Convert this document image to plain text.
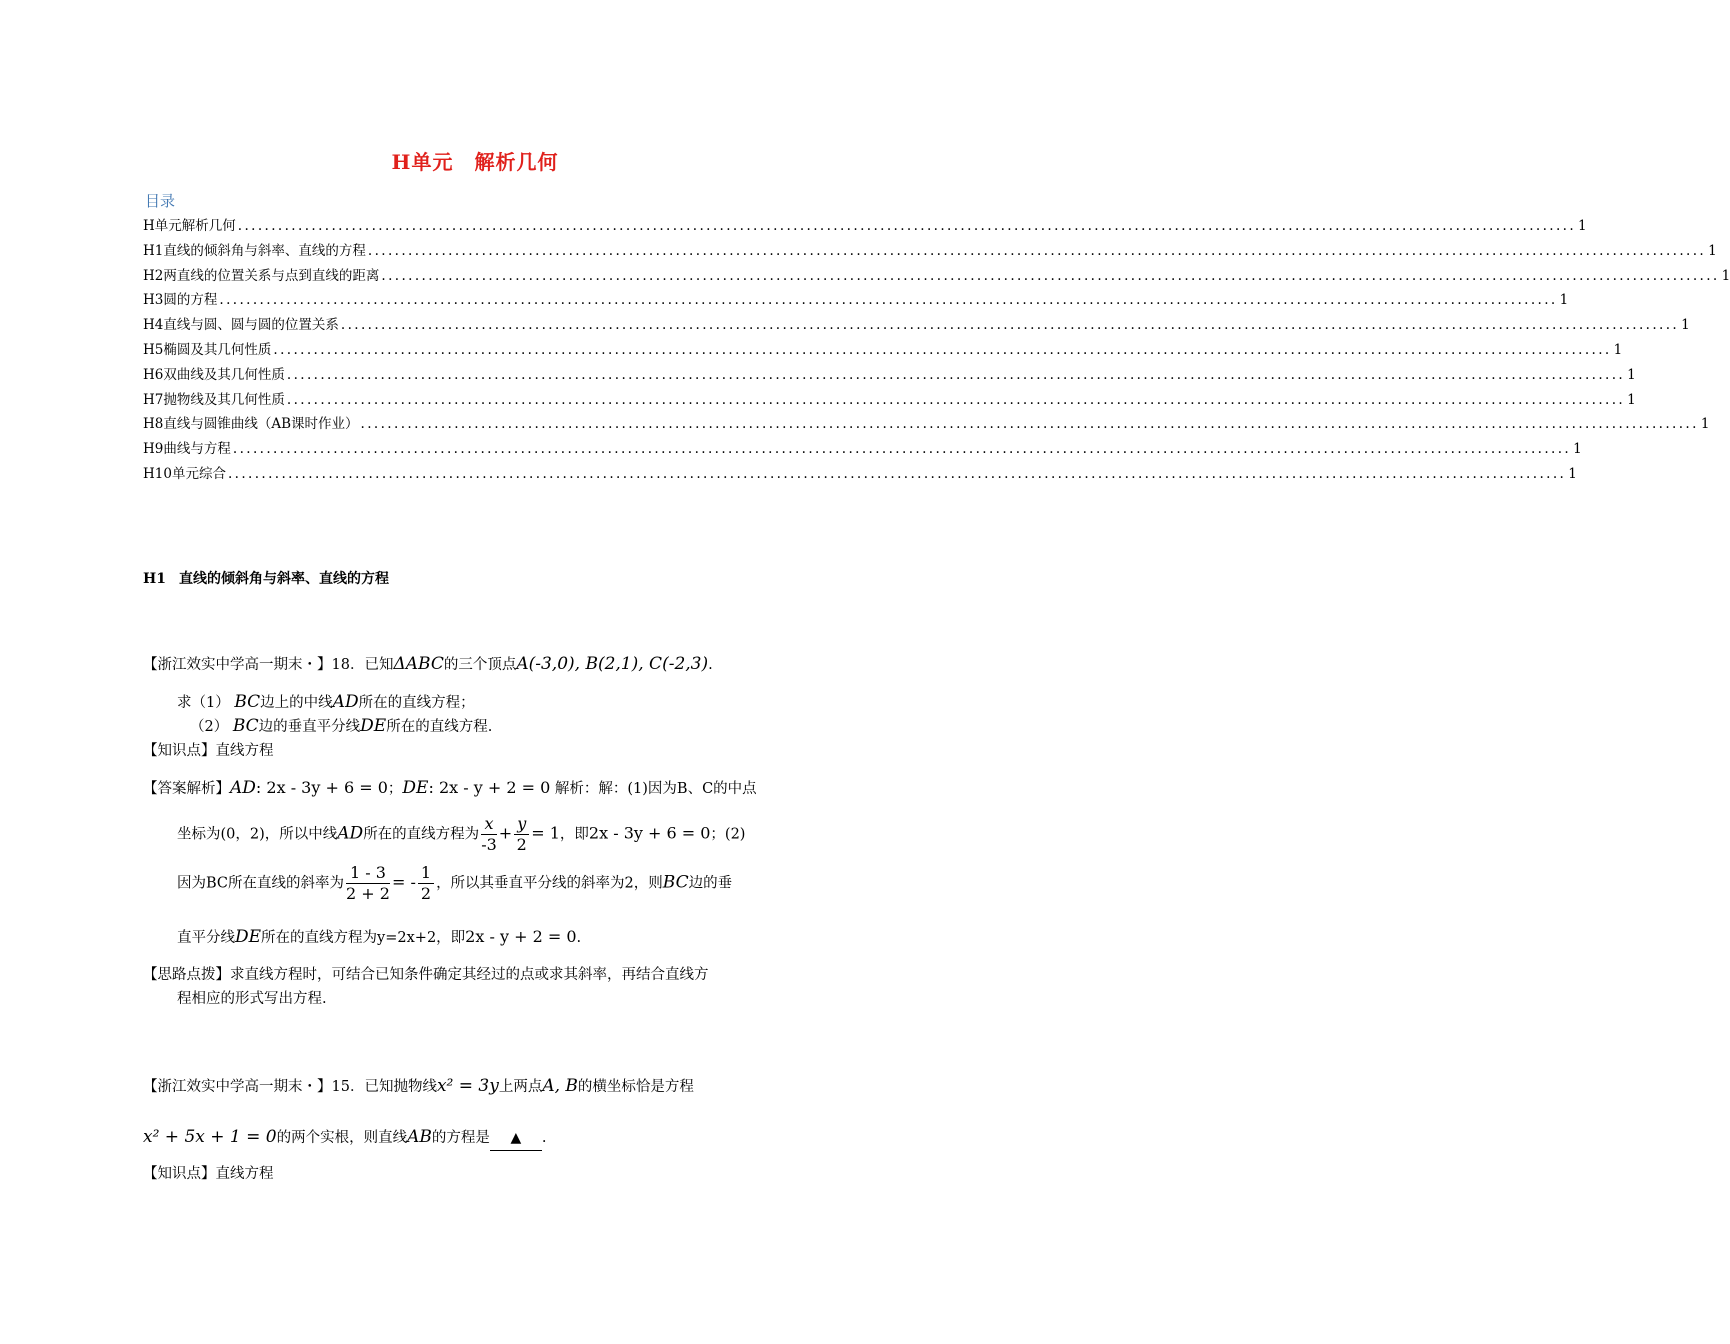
H单元　解析几何
目录
H单元 解析几何 ........................................................................................................................................................................................................ 1
H1 直线的倾斜角与斜率、直线的方程 ........................................................................................................................................................................................................ 1
H2 两直线的位置关系与点到直线的距离 ........................................................................................................................................................................................................ 1
H3 圆的方程 ........................................................................................................................................................................................................ 1
H4 直线与圆、圆与圆的位置关系 ........................................................................................................................................................................................................ 1
H5 椭圆及其几何性质 ........................................................................................................................................................................................................ 1
H6 双曲线及其几何性质 ........................................................................................................................................................................................................ 1
H7 抛物线及其几何性质 ........................................................................................................................................................................................................ 1
H8 直线与圆锥曲线（AB课时作业） ........................................................................................................................................................................................................ 1
H9 曲线与方程 ........................................................................................................................................................................................................ 1
H10 单元综合 ........................................................................................................................................................................................................ 1
H1 直线的倾斜角与斜率、直线的方程
【浙江效实中学高一期末・】18．已知ΔABC的三个顶点A(-3,0), B(2,1), C(-2,3).
求（1） BC边上的中线AD所在的直线方程；
（2） BC边的垂直平分线DE所在的直线方程.
【知识点】直线方程
【答案解析】AD: 2x - 3y + 6 = 0；DE: 2x - y + 2 = 0 解析：解：(1)因为B、C的中点
坐标为(0，2)，所以中线AD所在的直线方程为 $\frac{x}{-3} + \frac{y}{2} = 1$，即2x - 3y + 6 = 0；(2)
因为BC所在直线的斜率为 $\frac{1 - 3}{2 + 2}$ = - $\frac{1}{2}$ ，所以其垂直平分线的斜率为2，则BC边的垂
直平分线DE所在的直线方程为y=2x+2，即2x - y + 2 = 0.
【思路点拨】求直线方程时，可结合已知条件确定其经过的点或求其斜率，再结合直线方
程相应的形式写出方程.
【浙江效实中学高一期末・】15．已知抛物线x² = 3y上两点A, B的横坐标恰是方程
x² + 5x + 1 = 0的两个实根，则直线AB的方程是 ▲ .
【知识点】直线方程
